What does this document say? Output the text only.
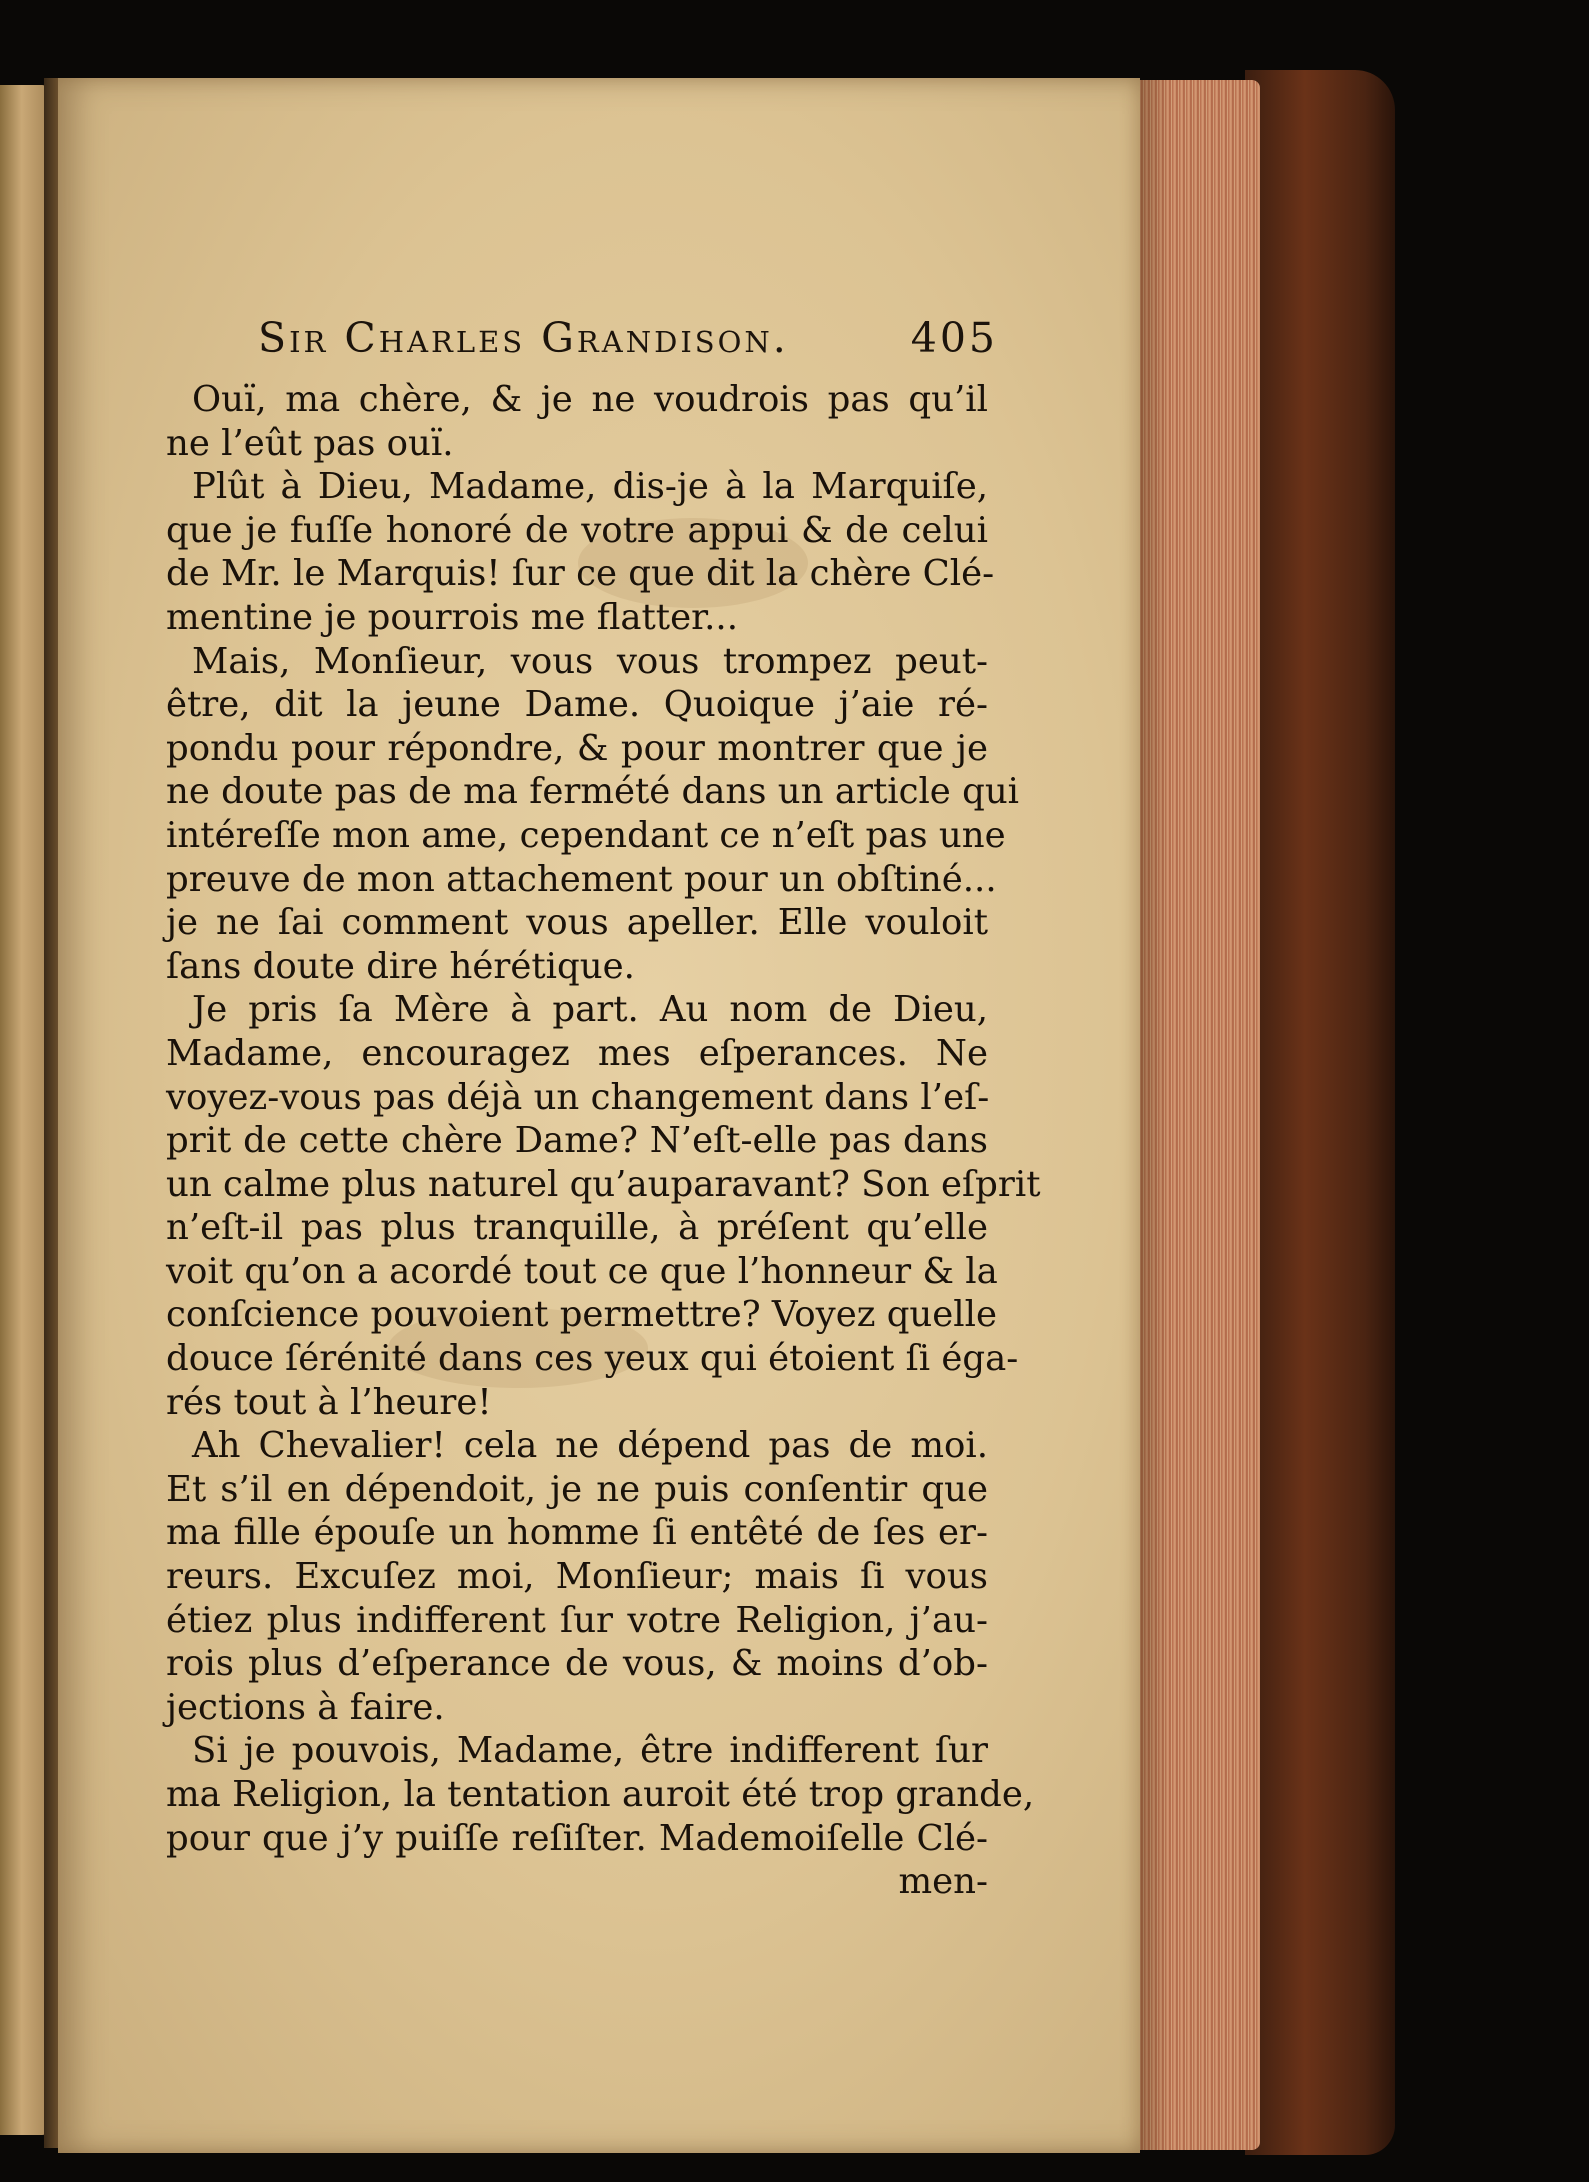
Sir Charles Grandison.	405
Ouï, ma chère, & je ne voudrois pas qu’il
ne l’eût pas ouï.
Plût à Dieu, Madame, dis-je à la Marquiſe,
que je fuſſe honoré de votre appui & de celui
de Mr. le Marquis! ſur ce que dit la chère Clé-
mentine je pourrois me flatter...
Mais, Monſieur, vous vous trompez peut-
être, dit la jeune Dame. Quoique j’aie ré-
pondu pour répondre, & pour montrer que je
ne doute pas de ma fermété dans un article qui
intéreſſe mon ame, cependant ce n’eſt pas une
preuve de mon attachement pour un obſtiné...
je ne ſai comment vous apeller. Elle vouloit
ſans doute dire hérétique.
Je pris ſa Mère à part. Au nom de Dieu,
Madame, encouragez mes eſperances. Ne
voyez-vous pas déjà un changement dans l’eſ-
prit de cette chère Dame? N’eſt-elle pas dans
un calme plus naturel qu’auparavant? Son eſprit
n’eſt-il pas plus tranquille, à préſent qu’elle
voit qu’on a acordé tout ce que l’honneur & la
conſcience pouvoient permettre? Voyez quelle
douce ſérénité dans ces yeux qui étoient ſi éga-
rés tout à l’heure!
Ah Chevalier! cela ne dépend pas de moi.
Et s’il en dépendoit, je ne puis conſentir que
ma fille épouſe un homme ſi entêté de ſes er-
reurs. Excuſez moi, Monſieur; mais ſi vous
étiez plus indifferent ſur votre Religion, j’au-
rois plus d’eſperance de vous, & moins d’ob-
jections à faire.
Si je pouvois, Madame, être indifferent ſur
ma Religion, la tentation auroit été trop grande,
pour que j’y puiſſe reſiſter. Mademoiſelle Clé-
men-
